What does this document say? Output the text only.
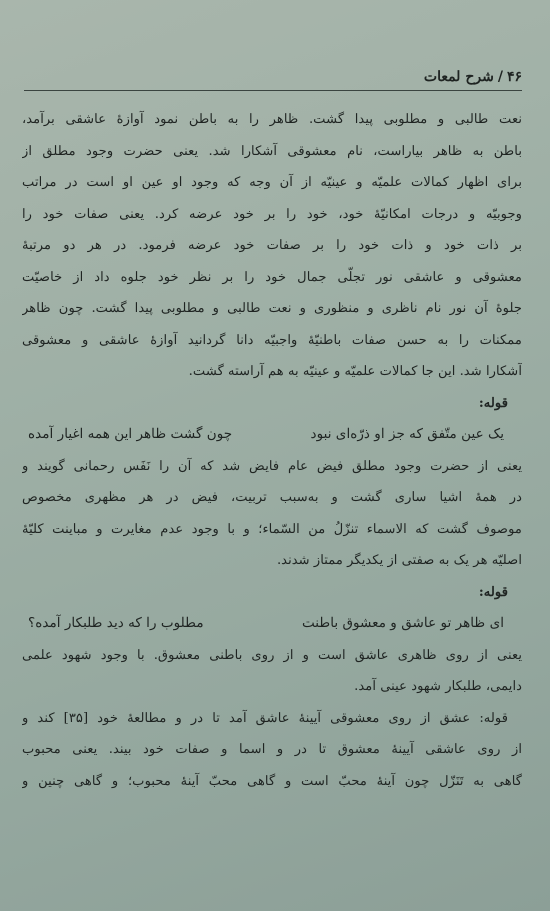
۴۶
/
شرح لمعات
نعت طالبی و مطلوبی پیدا گشت. ظاهر را به باطن نمود آوازهٔ عاشقی برآمد،
باطن به ظاهر بیاراست، نام معشوقی آشکارا شد. یعنی حضرت وجود مطلق از
برای اظهار کمالات علمیّه و عینیّه از آن وجه که وجود او عین او است در مراتب
وجوبیّه و درجات امکانیّهٔ خود، خود را بر خود عرضه کرد. یعنی صفات خود را
بر ذات خود و ذات خود را بر صفات خود عرضه فرمود. در هر دو مرتبهٔ
معشوقی و عاشقی نور تجلّی جمال خود را بر نظر خود جلوه داد از خاصیّت
جلوهٔ آن نور نام ناظری و منظوری و نعت طالبی و مطلوبی پیدا گشت. چون ظاهر
ممکنات را به حسن صفات باطنیّهٔ واجبیّه دانا گردانید آوازهٔ عاشقی و معشوقی
آشکارا شد. این جا کمالات علمیّه و عینیّه به هم آراسته گشت.
قوله:
یک عین متّفق که جز او ذرّه‌ای نبود
چون گشت ظاهر این همه اغیار آمده
یعنی از حضرت وجود مطلق فیض عام فایض شد که آن را نَفَس رحمانی گویند و
در همهٔ اشیا ساری گشت و به‌سبب تربیت، فیض در هر مظهری مخصوص
موصوف گشت که الاسماء تنزّلُ من السّماء؛ و با وجود عدم مغایرت و مباینت کلیّهٔ
اصلیّه هر یک به صفتی از یکدیگر ممتاز شدند.
قوله:
ای ظاهر تو عاشق و معشوق باطنت
مطلوب را که دید طلبکار آمده؟
یعنی از روی ظاهری عاشق است و از روی باطنی معشوق. با وجود شهود علمی
دایمی، طلبکار شهود عینی آمد.
قوله: عشق از روی معشوقی آیینهٔ عاشق آمد تا در و مطالعهٔ خود [۳۵] کند و
از روی عاشقی آیینهٔ معشوق تا در و اسما و صفات خود بیند. یعنی محبوب
گاهی به تَنَزّل چون آینهٔ محبّ است و گاهی محبّ آینهٔ محبوب؛ و گاهی چنین و
